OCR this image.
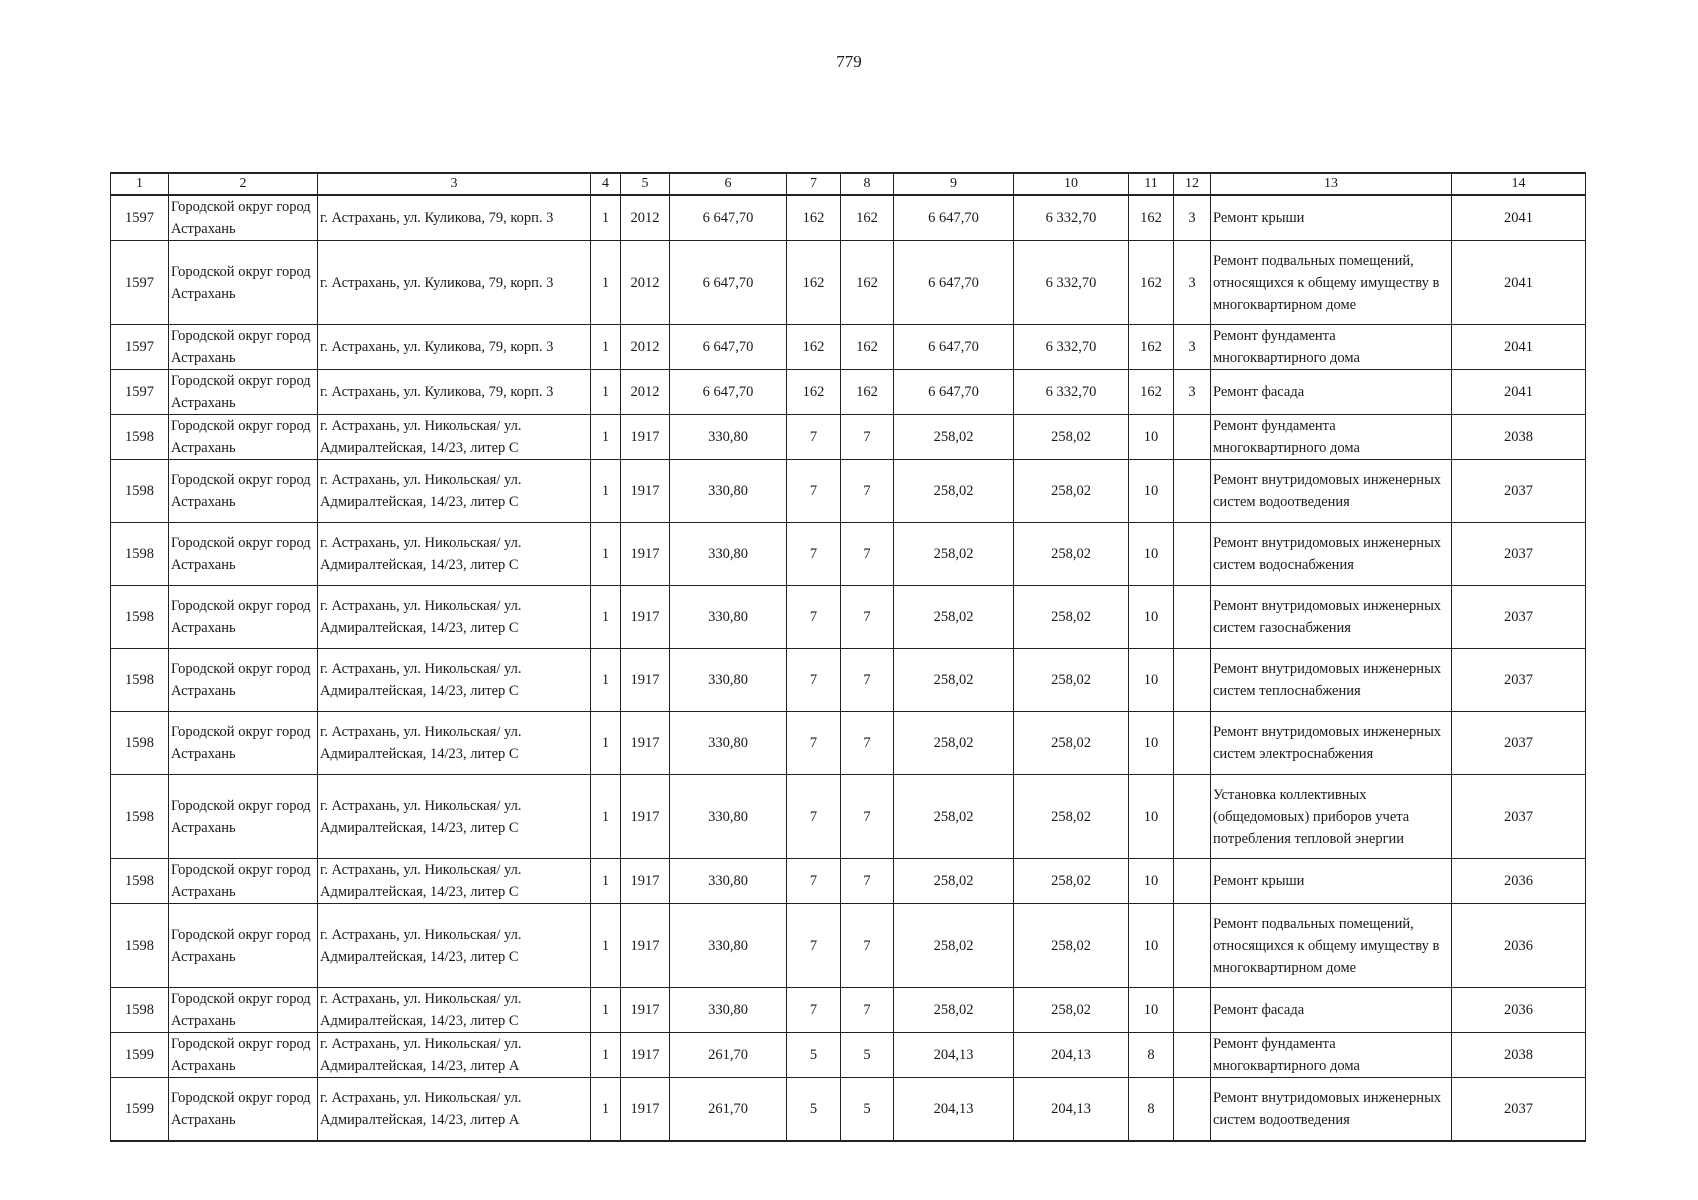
779
1	2	3	4	5	6	7	8	9	10	11	12	13	14
1597	Городской округ город Астрахань	г. Астрахань, ул. Куликова, 79, корп. 3	1	2012	6 647,70	162	162	6 647,70	6 332,70	162	3	Ремонт крыши	2041
1597	Городской округ город Астрахань	г. Астрахань, ул. Куликова, 79, корп. 3	1	2012	6 647,70	162	162	6 647,70	6 332,70	162	3	Ремонт подвальных помещений, относящихся к общему имуществу в многоквартирном доме	2041
1597	Городской округ город Астрахань	г. Астрахань, ул. Куликова, 79, корп. 3	1	2012	6 647,70	162	162	6 647,70	6 332,70	162	3	Ремонт фундамента многоквартирного дома	2041
1597	Городской округ город Астрахань	г. Астрахань, ул. Куликова, 79, корп. 3	1	2012	6 647,70	162	162	6 647,70	6 332,70	162	3	Ремонт фасада	2041
1598	Городской округ город Астрахань	г. Астрахань, ул. Никольская/ ул. Адмиралтейская, 14/23, литер С	1	1917	330,80	7	7	258,02	258,02	10		Ремонт фундамента многоквартирного дома	2038
1598	Городской округ город Астрахань	г. Астрахань, ул. Никольская/ ул. Адмиралтейская, 14/23, литер С	1	1917	330,80	7	7	258,02	258,02	10		Ремонт внутридомовых инженерных систем водоотведения	2037
1598	Городской округ город Астрахань	г. Астрахань, ул. Никольская/ ул. Адмиралтейская, 14/23, литер С	1	1917	330,80	7	7	258,02	258,02	10		Ремонт внутридомовых инженерных систем водоснабжения	2037
1598	Городской округ город Астрахань	г. Астрахань, ул. Никольская/ ул. Адмиралтейская, 14/23, литер С	1	1917	330,80	7	7	258,02	258,02	10		Ремонт внутридомовых инженерных систем газоснабжения	2037
1598	Городской округ город Астрахань	г. Астрахань, ул. Никольская/ ул. Адмиралтейская, 14/23, литер С	1	1917	330,80	7	7	258,02	258,02	10		Ремонт внутридомовых инженерных систем теплоснабжения	2037
1598	Городской округ город Астрахань	г. Астрахань, ул. Никольская/ ул. Адмиралтейская, 14/23, литер С	1	1917	330,80	7	7	258,02	258,02	10		Ремонт внутридомовых инженерных систем электроснабжения	2037
1598	Городской округ город Астрахань	г. Астрахань, ул. Никольская/ ул. Адмиралтейская, 14/23, литер С	1	1917	330,80	7	7	258,02	258,02	10		Установка коллективных (общедомовых) приборов учета потребления тепловой энергии	2037
1598	Городской округ город Астрахань	г. Астрахань, ул. Никольская/ ул. Адмиралтейская, 14/23, литер С	1	1917	330,80	7	7	258,02	258,02	10		Ремонт крыши	2036
1598	Городской округ город Астрахань	г. Астрахань, ул. Никольская/ ул. Адмиралтейская, 14/23, литер С	1	1917	330,80	7	7	258,02	258,02	10		Ремонт подвальных помещений, относящихся к общему имуществу в многоквартирном доме	2036
1598	Городской округ город Астрахань	г. Астрахань, ул. Никольская/ ул. Адмиралтейская, 14/23, литер С	1	1917	330,80	7	7	258,02	258,02	10		Ремонт фасада	2036
1599	Городской округ город Астрахань	г. Астрахань, ул. Никольская/ ул. Адмиралтейская, 14/23, литер А	1	1917	261,70	5	5	204,13	204,13	8		Ремонт фундамента многоквартирного дома	2038
1599	Городской округ город Астрахань	г. Астрахань, ул. Никольская/ ул. Адмиралтейская, 14/23, литер А	1	1917	261,70	5	5	204,13	204,13	8		Ремонт внутридомовых инженерных систем водоотведения	2037
